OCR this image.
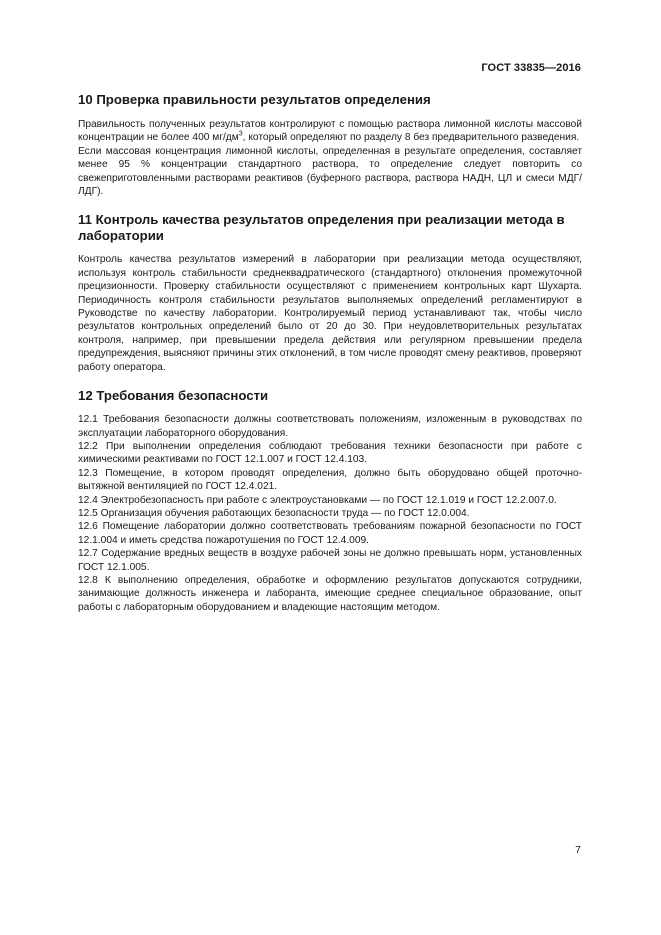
ГОСТ 33835—2016
10 Проверка правильности результатов определения

Правильность полученных результатов контролируют с помощью раствора лимонной кислоты массовой концентрации не более 400 $мг/дм^3$, который определяют по разделу 8 без предварительного разведения.

Если массовая концентрация лимонной кислоты, определенная в результате определения, составляет менее 95 % концентрации стандартного раствора, то определение следует повторить со свежеприготовленными растворами реактивов (буферного раствора, раствора НАДН, ЦЛ и смеси МДГ/ЛДГ).

11 Контроль качества результатов определения при реализации метода в лаборатории

Контроль качества результатов измерений в лаборатории при реализации метода осуществляют, используя контроль стабильности среднеквадратического (стандартного) отклонения промежуточной прецизионности. Проверку стабильности осуществляют с применением контрольных карт Шухарта. Периодичность контроля стабильности результатов выполняемых определений регламентируют в Руководстве по качеству лаборатории. Контролируемый период устанавливают так, чтобы число результатов контрольных определений было от 20 до 30. При неудовлетворительных результатах контроля, например, при превышении предела действия или регулярном превышении предела предупреждения, выясняют причины этих отклонений, в том числе проводят смену реактивов, проверяют работу оператора.

12 Требования безопасности

12.1 Требования безопасности должны соответствовать положениям, изложенным в руководствах по эксплуатации лабораторного оборудования.

12.2 При выполнении определения соблюдают требования техники безопасности при работе с химическими реактивами по ГОСТ 12.1.007 и ГОСТ 12.4.103.

12.3 Помещение, в котором проводят определения, должно быть оборудовано общей проточно-вытяжной вентиляцией по ГОСТ 12.4.021.

12.4 Электробезопасность при работе с электроустановками — по ГОСТ 12.1.019 и ГОСТ 12.2.007.0.

12.5 Организация обучения работающих безопасности труда — по ГОСТ 12.0.004.

12.6 Помещение лаборатории должно соответствовать требованиям пожарной безопасности по ГОСТ 12.1.004 и иметь средства пожаротушения по ГОСТ 12.4.009.

12.7 Содержание вредных веществ в воздухе рабочей зоны не должно превышать норм, установленных ГОСТ 12.1.005.

12.8 К выполнению определения, обработке и оформлению результатов допускаются сотрудники, занимающие должность инженера и лаборанта, имеющие среднее специальное образование, опыт работы с лабораторным оборудованием и владеющие настоящим методом.

7
